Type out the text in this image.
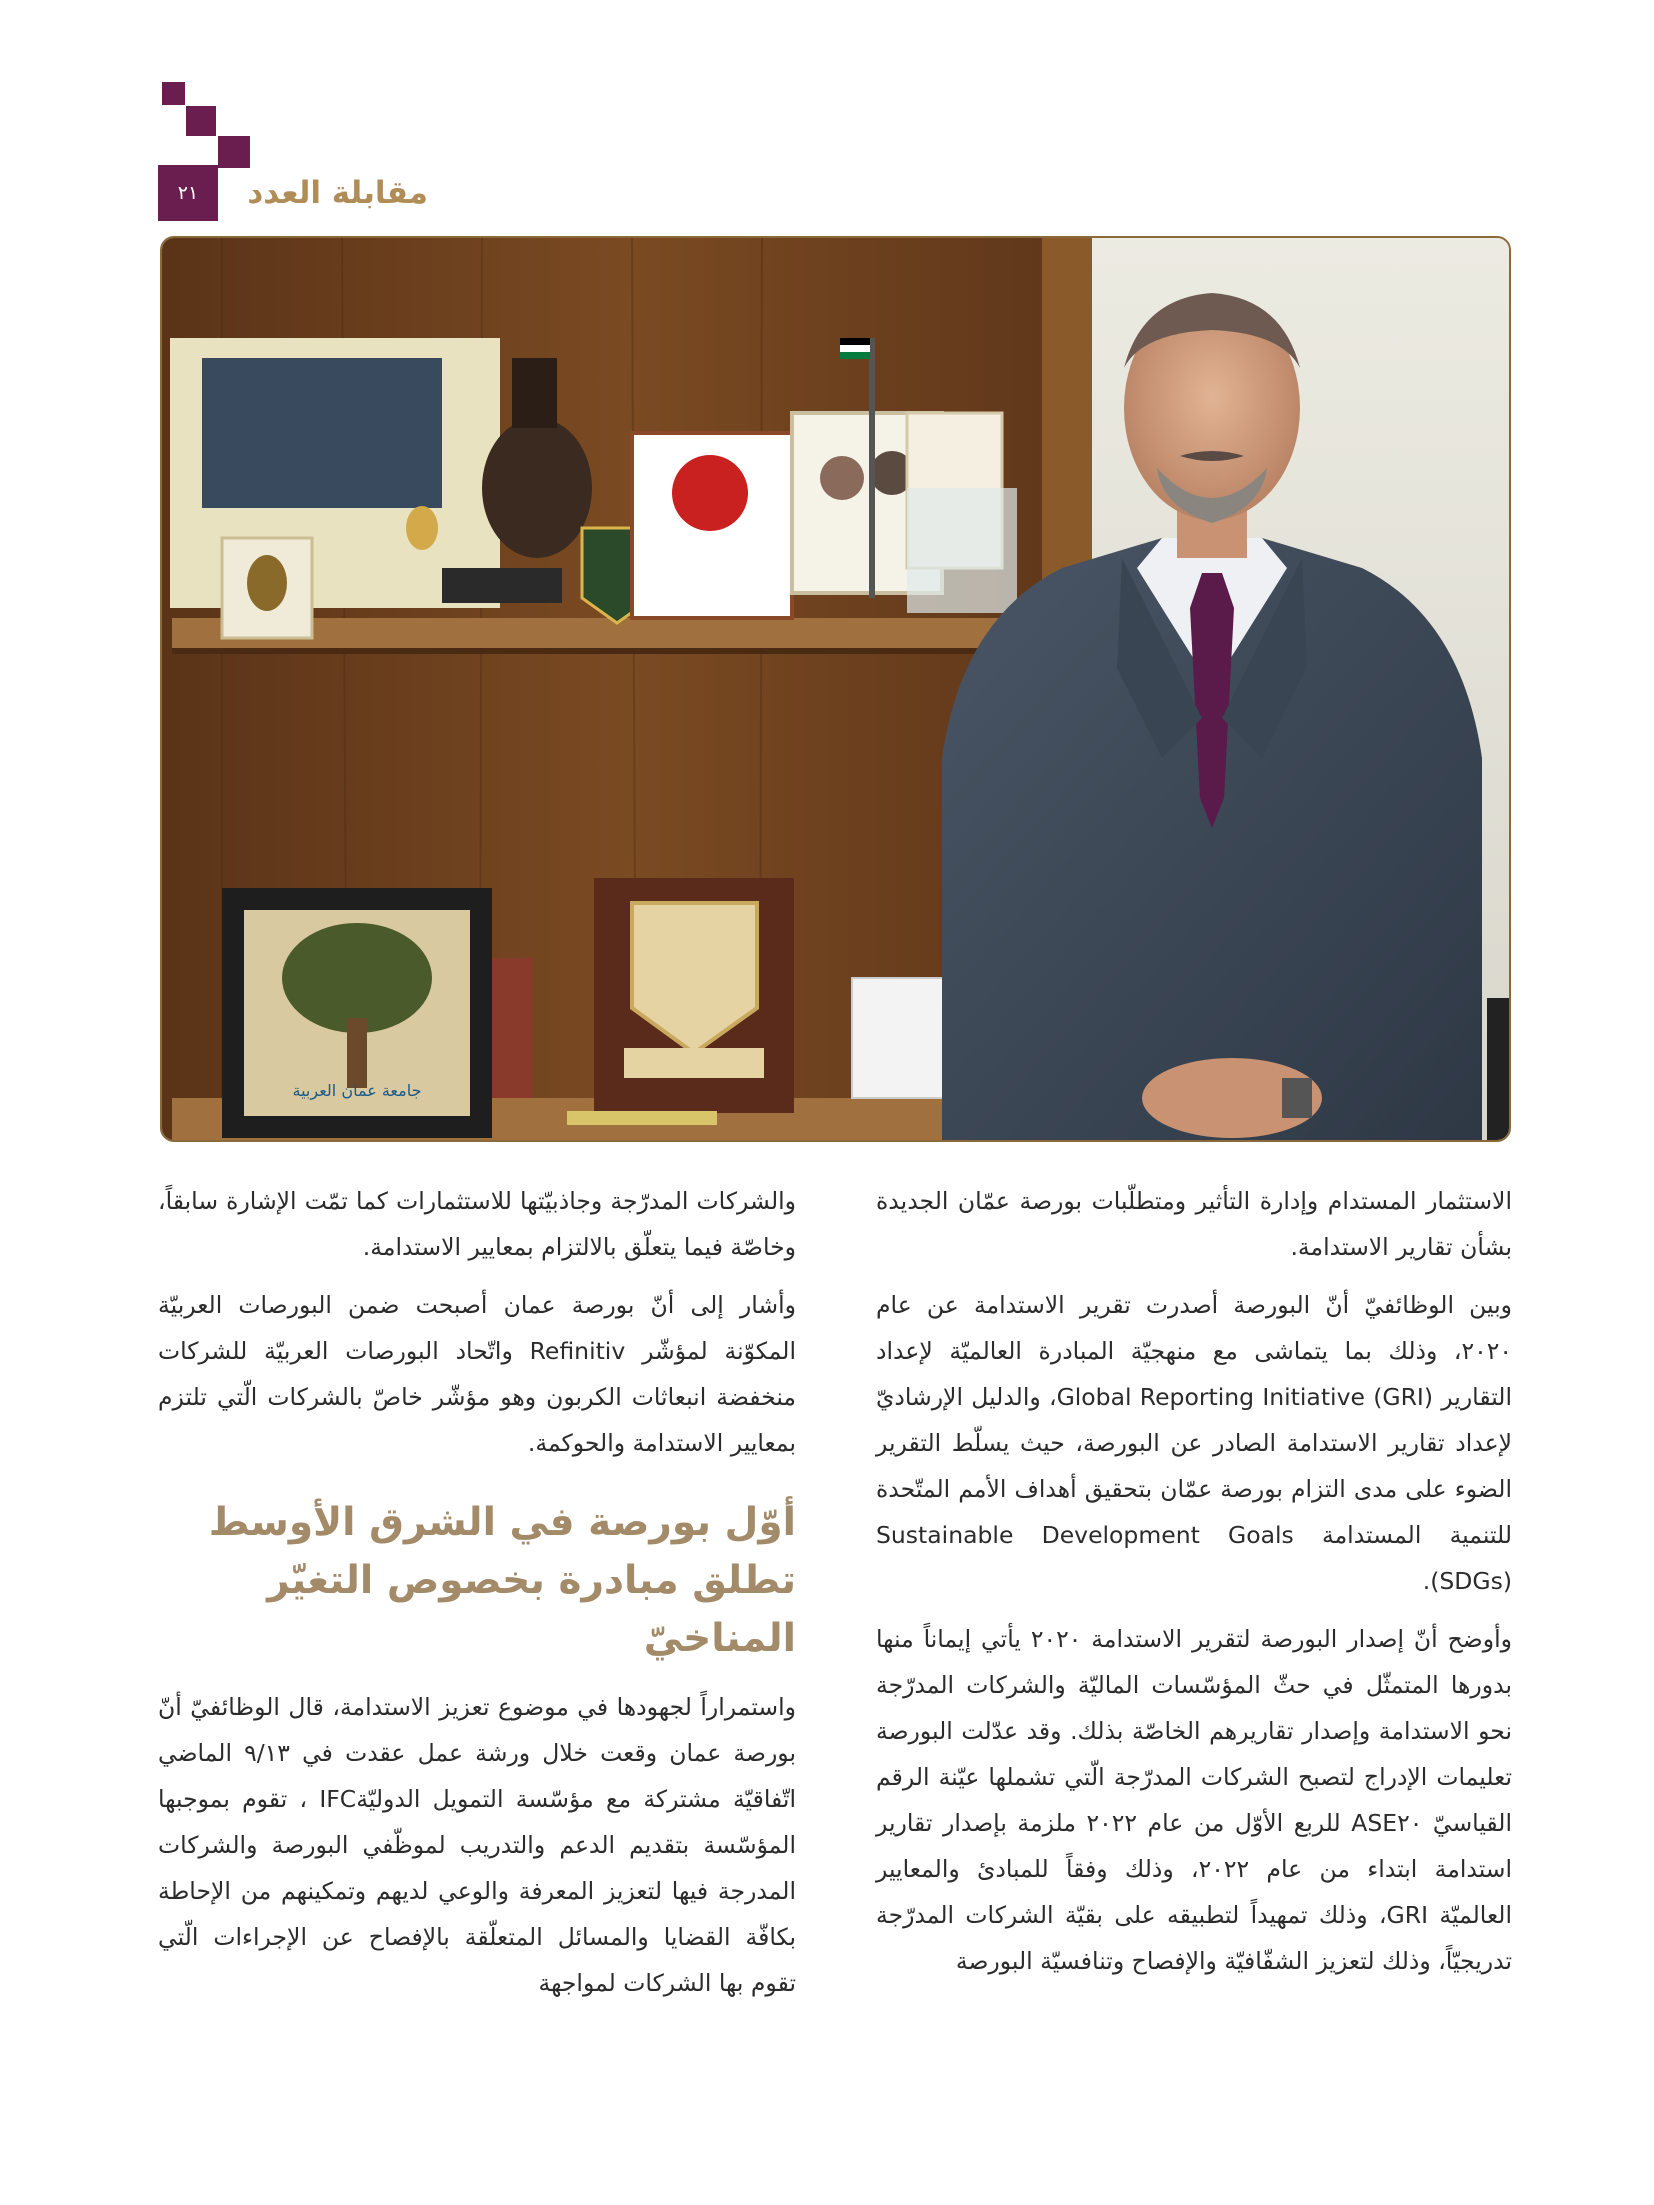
٢١	مقابلة العدد
جامعة عمان العربية

الاستثمار المستدام وإدارة التأثير ومتطلّبات بورصة عمّان الجديدة بشأن تقارير الاستدامة.

وبين الوظائفيّ أنّ البورصة أصدرت تقرير الاستدامة عن عام ٢٠٢٠، وذلك بما يتماشى مع منهجيّة المبادرة العالميّة لإعداد التقارير (Global Reporting Initiative (GRI، والدليل الإرشاديّ لإعداد تقارير الاستدامة الصادر عن البورصة، حيث يسلّط التقرير الضوء على مدى التزام بورصة عمّان بتحقيق أهداف الأمم المتّحدة للتنمية المستدامة Sustainable Development Goals (SDGs).

وأوضح أنّ إصدار البورصة لتقرير الاستدامة ٢٠٢٠ يأتي إيماناً منها بدورها المتمثّل في حثّ المؤسّسات الماليّة والشركات المدرّجة نحو الاستدامة وإصدار تقاريرهم الخاصّة بذلك. وقد عدّلت البورصة تعليمات الإدراج لتصبح الشركات المدرّجة الّتي تشملها عيّنة الرقم القياسيّ ASE٢٠ للربع الأوّل من عام ٢٠٢٢ ملزمة بإصدار تقارير استدامة ابتداء من عام ٢٠٢٢، وذلك وفقاً للمبادئ والمعايير العالميّة GRI، وذلك تمهيداً لتطبيقه على بقيّة الشركات المدرّجة تدريجيّاً، وذلك لتعزيز الشفّافيّة والإفصاح وتنافسيّة البورصة

والشركات المدرّجة وجاذبيّتها للاستثمارات كما تمّت الإشارة سابقاً، وخاصّة فيما يتعلّق بالالتزام بمعايير الاستدامة.

وأشار إلى أنّ بورصة عمان أصبحت ضمن البورصات العربيّة المكوّنة لمؤشّر Refinitiv واتّحاد البورصات العربيّة للشركات منخفضة انبعاثات الكربون وهو مؤشّر خاصّ بالشركات الّتي تلتزم بمعايير الاستدامة والحوكمة.

أوّل بورصة في الشرق الأوسط تطلق مبادرة بخصوص التغيّر المناخيّ

واستمراراً لجهودها في موضوع تعزيز الاستدامة، قال الوظائفيّ أنّ بورصة عمان وقعت خلال ورشة عمل عقدت في ٩/١٣ الماضي اتّفاقيّة مشتركة مع مؤسّسة التمويل الدوليّةIFC ، تقوم بموجبها المؤسّسة بتقديم الدعم والتدريب لموظّفي البورصة والشركات المدرجة فيها لتعزيز المعرفة والوعي لديهم وتمكينهم من الإحاطة بكافّة القضايا والمسائل المتعلّقة بالإفصاح عن الإجراءات الّتي تقوم بها الشركات لمواجهة
